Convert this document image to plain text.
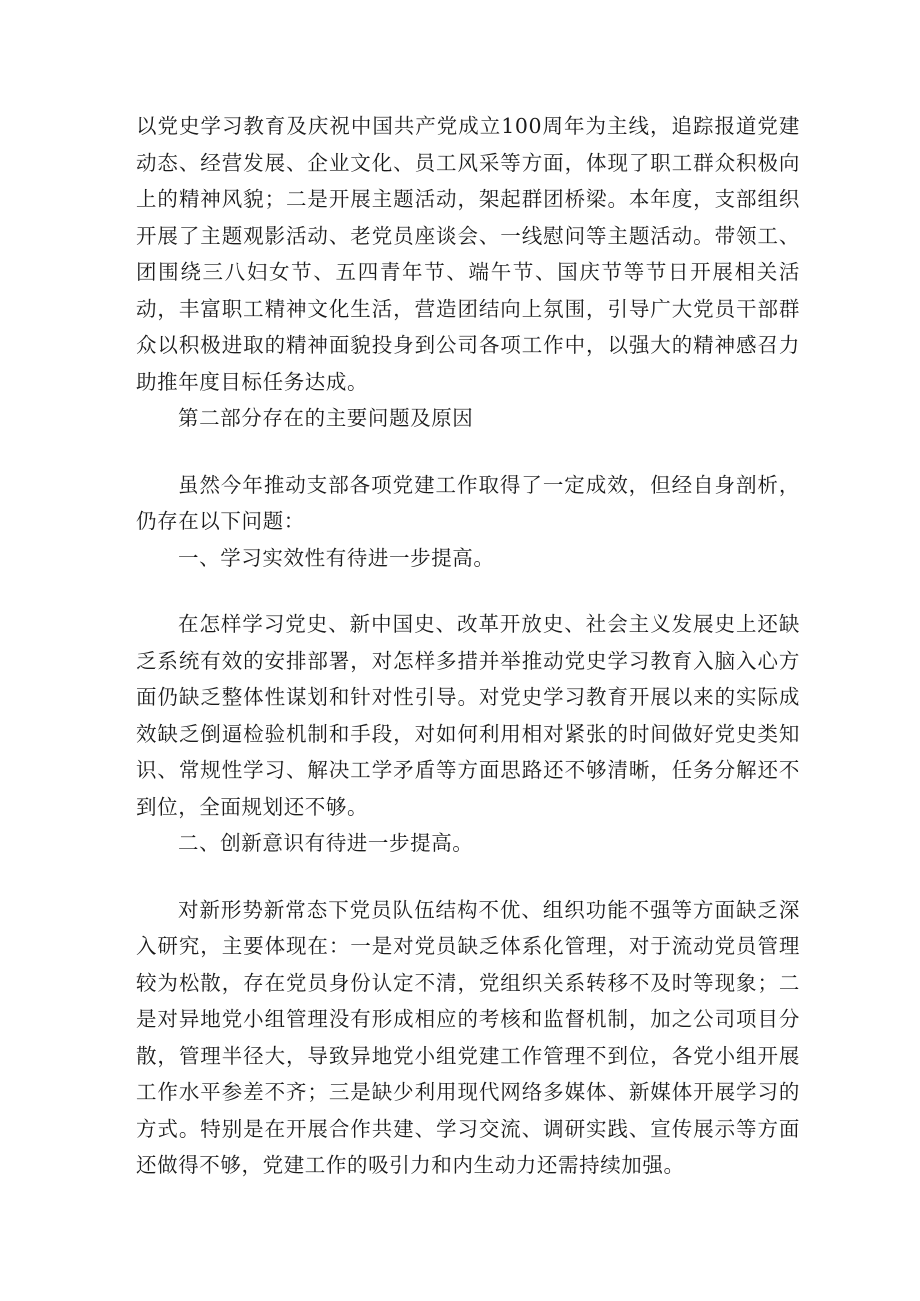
以党史学习教育及庆祝中国共产党成立100周年为主线，追踪报道党建动态、经营发展、企业文化、员工风采等方面，体现了职工群众积极向上的精神风貌；二是开展主题活动，架起群团桥梁。本年度，支部组织开展了主题观影活动、老党员座谈会、一线慰问等主题活动。带领工、团围绕三八妇女节、五四青年节、端午节、国庆节等节日开展相关活动，丰富职工精神文化生活，营造团结向上氛围，引导广大党员干部群众以积极进取的精神面貌投身到公司各项工作中，以强大的精神感召力助推年度目标任务达成。

第二部分存在的主要问题及原因

虽然今年推动支部各项党建工作取得了一定成效，但经自身剖析，仍存在以下问题：

一、学习实效性有待进一步提高。

在怎样学习党史、新中国史、改革开放史、社会主义发展史上还缺乏系统有效的安排部署，对怎样多措并举推动党史学习教育入脑入心方面仍缺乏整体性谋划和针对性引导。对党史学习教育开展以来的实际成效缺乏倒逼检验机制和手段，对如何利用相对紧张的时间做好党史类知识、常规性学习、解决工学矛盾等方面思路还不够清晰，任务分解还不到位，全面规划还不够。

二、创新意识有待进一步提高。

对新形势新常态下党员队伍结构不优、组织功能不强等方面缺乏深入研究，主要体现在：一是对党员缺乏体系化管理，对于流动党员管理较为松散，存在党员身份认定不清，党组织关系转移不及时等现象；二是对异地党小组管理没有形成相应的考核和监督机制，加之公司项目分散，管理半径大，导致异地党小组党建工作管理不到位，各党小组开展工作水平参差不齐；三是缺少利用现代网络多媒体、新媒体开展学习的方式。特别是在开展合作共建、学习交流、调研实践、宣传展示等方面还做得不够，党建工作的吸引力和内生动力还需持续加强。
